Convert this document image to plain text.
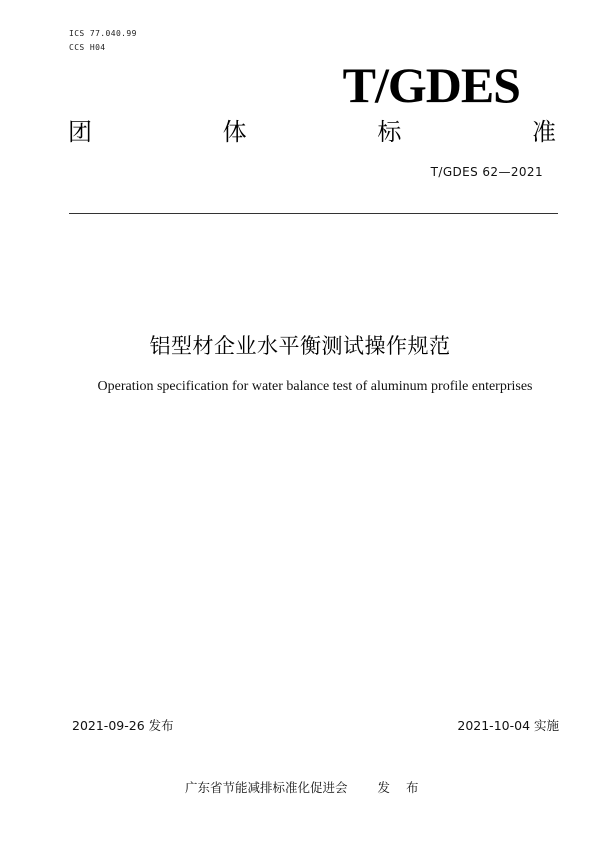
ICS 77.040.99
CCS H04
T/GDES
团	体	标	准
T/GDES 62—2021
铝型材企业水平衡测试操作规范
Operation specification for water balance test of aluminum profile enterprises
2021-09-26 发布	2021-10-04 实施
广东省节能减排标准化促进会 发布
